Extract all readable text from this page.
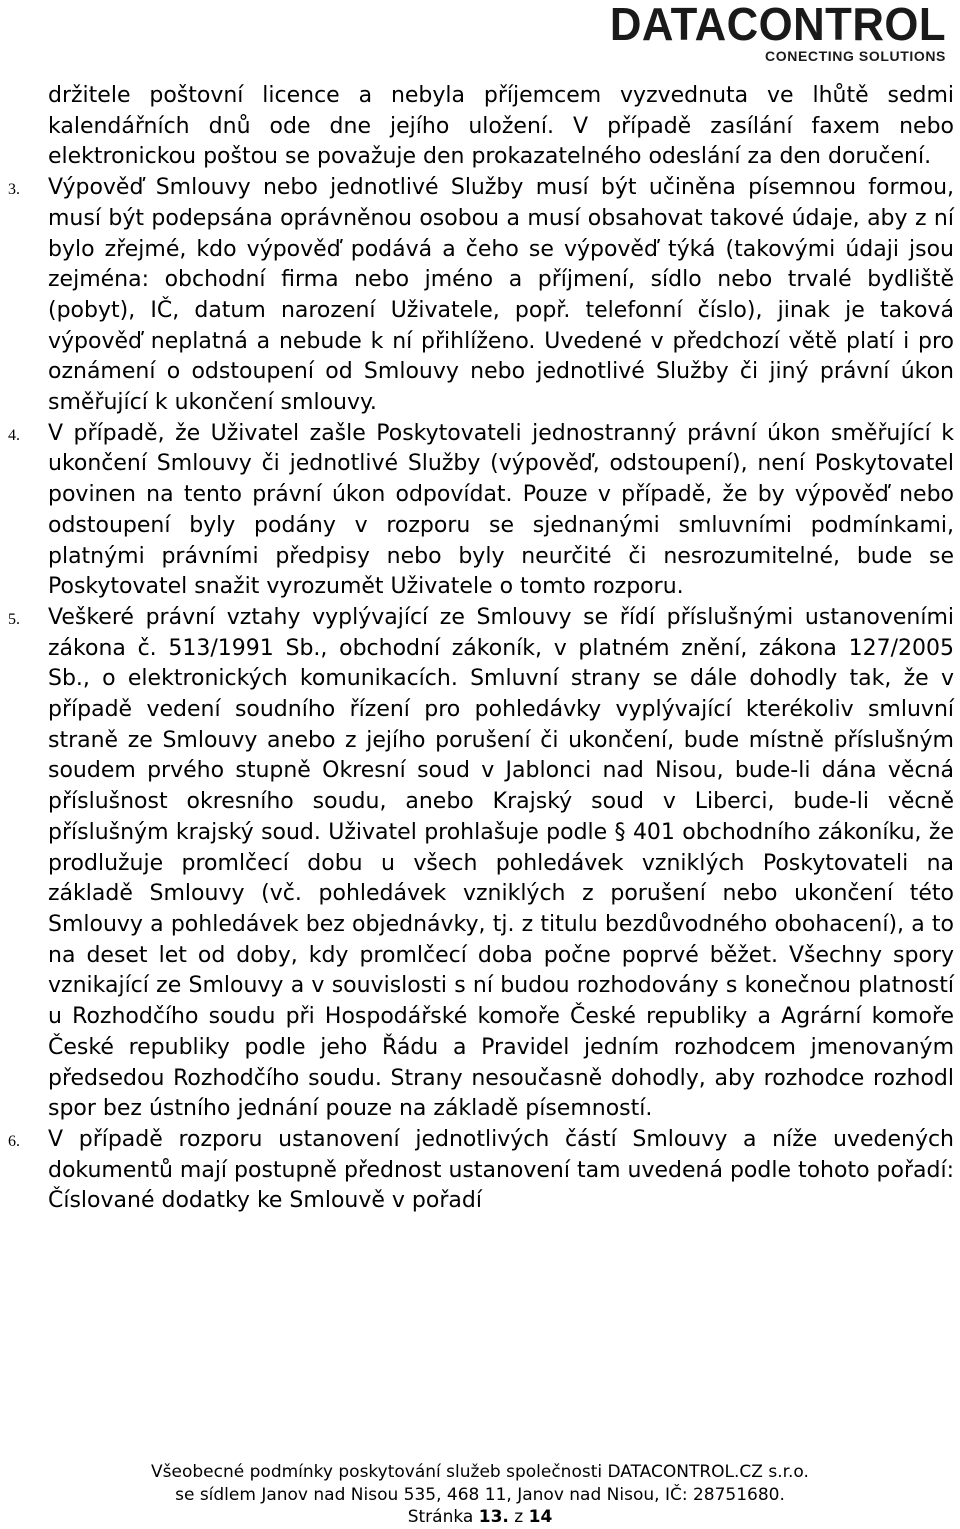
DATACONTROL
CONECTING SOLUTIONS
držitele poštovní licence a nebyla příjemcem vyzvednuta ve lhůtě sedmi kalendářních dnů ode dne jejího uložení. V případě zasílání faxem nebo elektronickou poštou se považuje den prokazatelného odeslání za den doručení.
3. Výpověď Smlouvy nebo jednotlivé Služby musí být učiněna písemnou formou, musí být podepsána oprávněnou osobou a musí obsahovat takové údaje, aby z ní bylo zřejmé, kdo výpověď podává a čeho se výpověď týká (takovými údaji jsou zejména: obchodní firma nebo jméno a příjmení, sídlo nebo trvalé bydliště (pobyt), IČ, datum narození Uživatele, popř. telefonní číslo), jinak je taková výpověď neplatná a nebude k ní přihlíženo. Uvedené v předchozí větě platí i pro oznámení o odstoupení od Smlouvy nebo jednotlivé Služby či jiný právní úkon směřující k ukončení smlouvy.
4. V případě, že Uživatel zašle Poskytovateli jednostranný právní úkon směřující k ukončení Smlouvy či jednotlivé Služby (výpověď, odstoupení), není Poskytovatel povinen na tento právní úkon odpovídat. Pouze v případě, že by výpověď nebo odstoupení byly podány v rozporu se sjednanými smluvními podmínkami, platnými právními předpisy nebo byly neurčité či nesrozumitelné, bude se Poskytovatel snažit vyrozumět Uživatele o tomto rozporu.
5. Veškeré právní vztahy vyplývající ze Smlouvy se řídí příslušnými ustanoveními zákona č. 513/1991 Sb., obchodní zákoník, v platném znění, zákona 127/2005 Sb., o elektronických komunikacích. Smluvní strany se dále dohodly tak, že v případě vedení soudního řízení pro pohledávky vyplývající kterékoliv smluvní straně ze Smlouvy anebo z jejího porušení či ukončení, bude místně příslušným soudem prvého stupně Okresní soud v Jablonci nad Nisou, bude-li dána věcná příslušnost okresního soudu, anebo Krajský soud v Liberci, bude-li věcně příslušným krajský soud. Uživatel prohlašuje podle § 401 obchodního zákoníku, že prodlužuje promlčecí dobu u všech pohledávek vzniklých Poskytovateli na základě Smlouvy (vč. pohledávek vzniklých z porušení nebo ukončení této Smlouvy a pohledávek bez objednávky, tj. z titulu bezdůvodného obohacení), a to na deset let od doby, kdy promlčecí doba počne poprvé běžet. Všechny spory vznikající ze Smlouvy a v souvislosti s ní budou rozhodovány s konečnou platností u Rozhodčího soudu při Hospodářské komoře České republiky a Agrární komoře České republiky podle jeho Řádu a Pravidel jedním rozhodcem jmenovaným předsedou Rozhodčího soudu. Strany nesoučasně dohodly, aby rozhodce rozhodl spor bez ústního jednání pouze na základě písemností.
6. V případě rozporu ustanovení jednotlivých částí Smlouvy a níže uvedených dokumentů mají postupně přednost ustanovení tam uvedená podle tohoto pořadí: Číslované dodatky ke Smlouvě v pořadí
Všeobecné podmínky poskytování služeb společnosti DATACONTROL.CZ s.r.o.
se sídlem Janov nad Nisou 535, 468 11, Janov nad Nisou, IČ: 28751680.
Stránka 13. z 14
